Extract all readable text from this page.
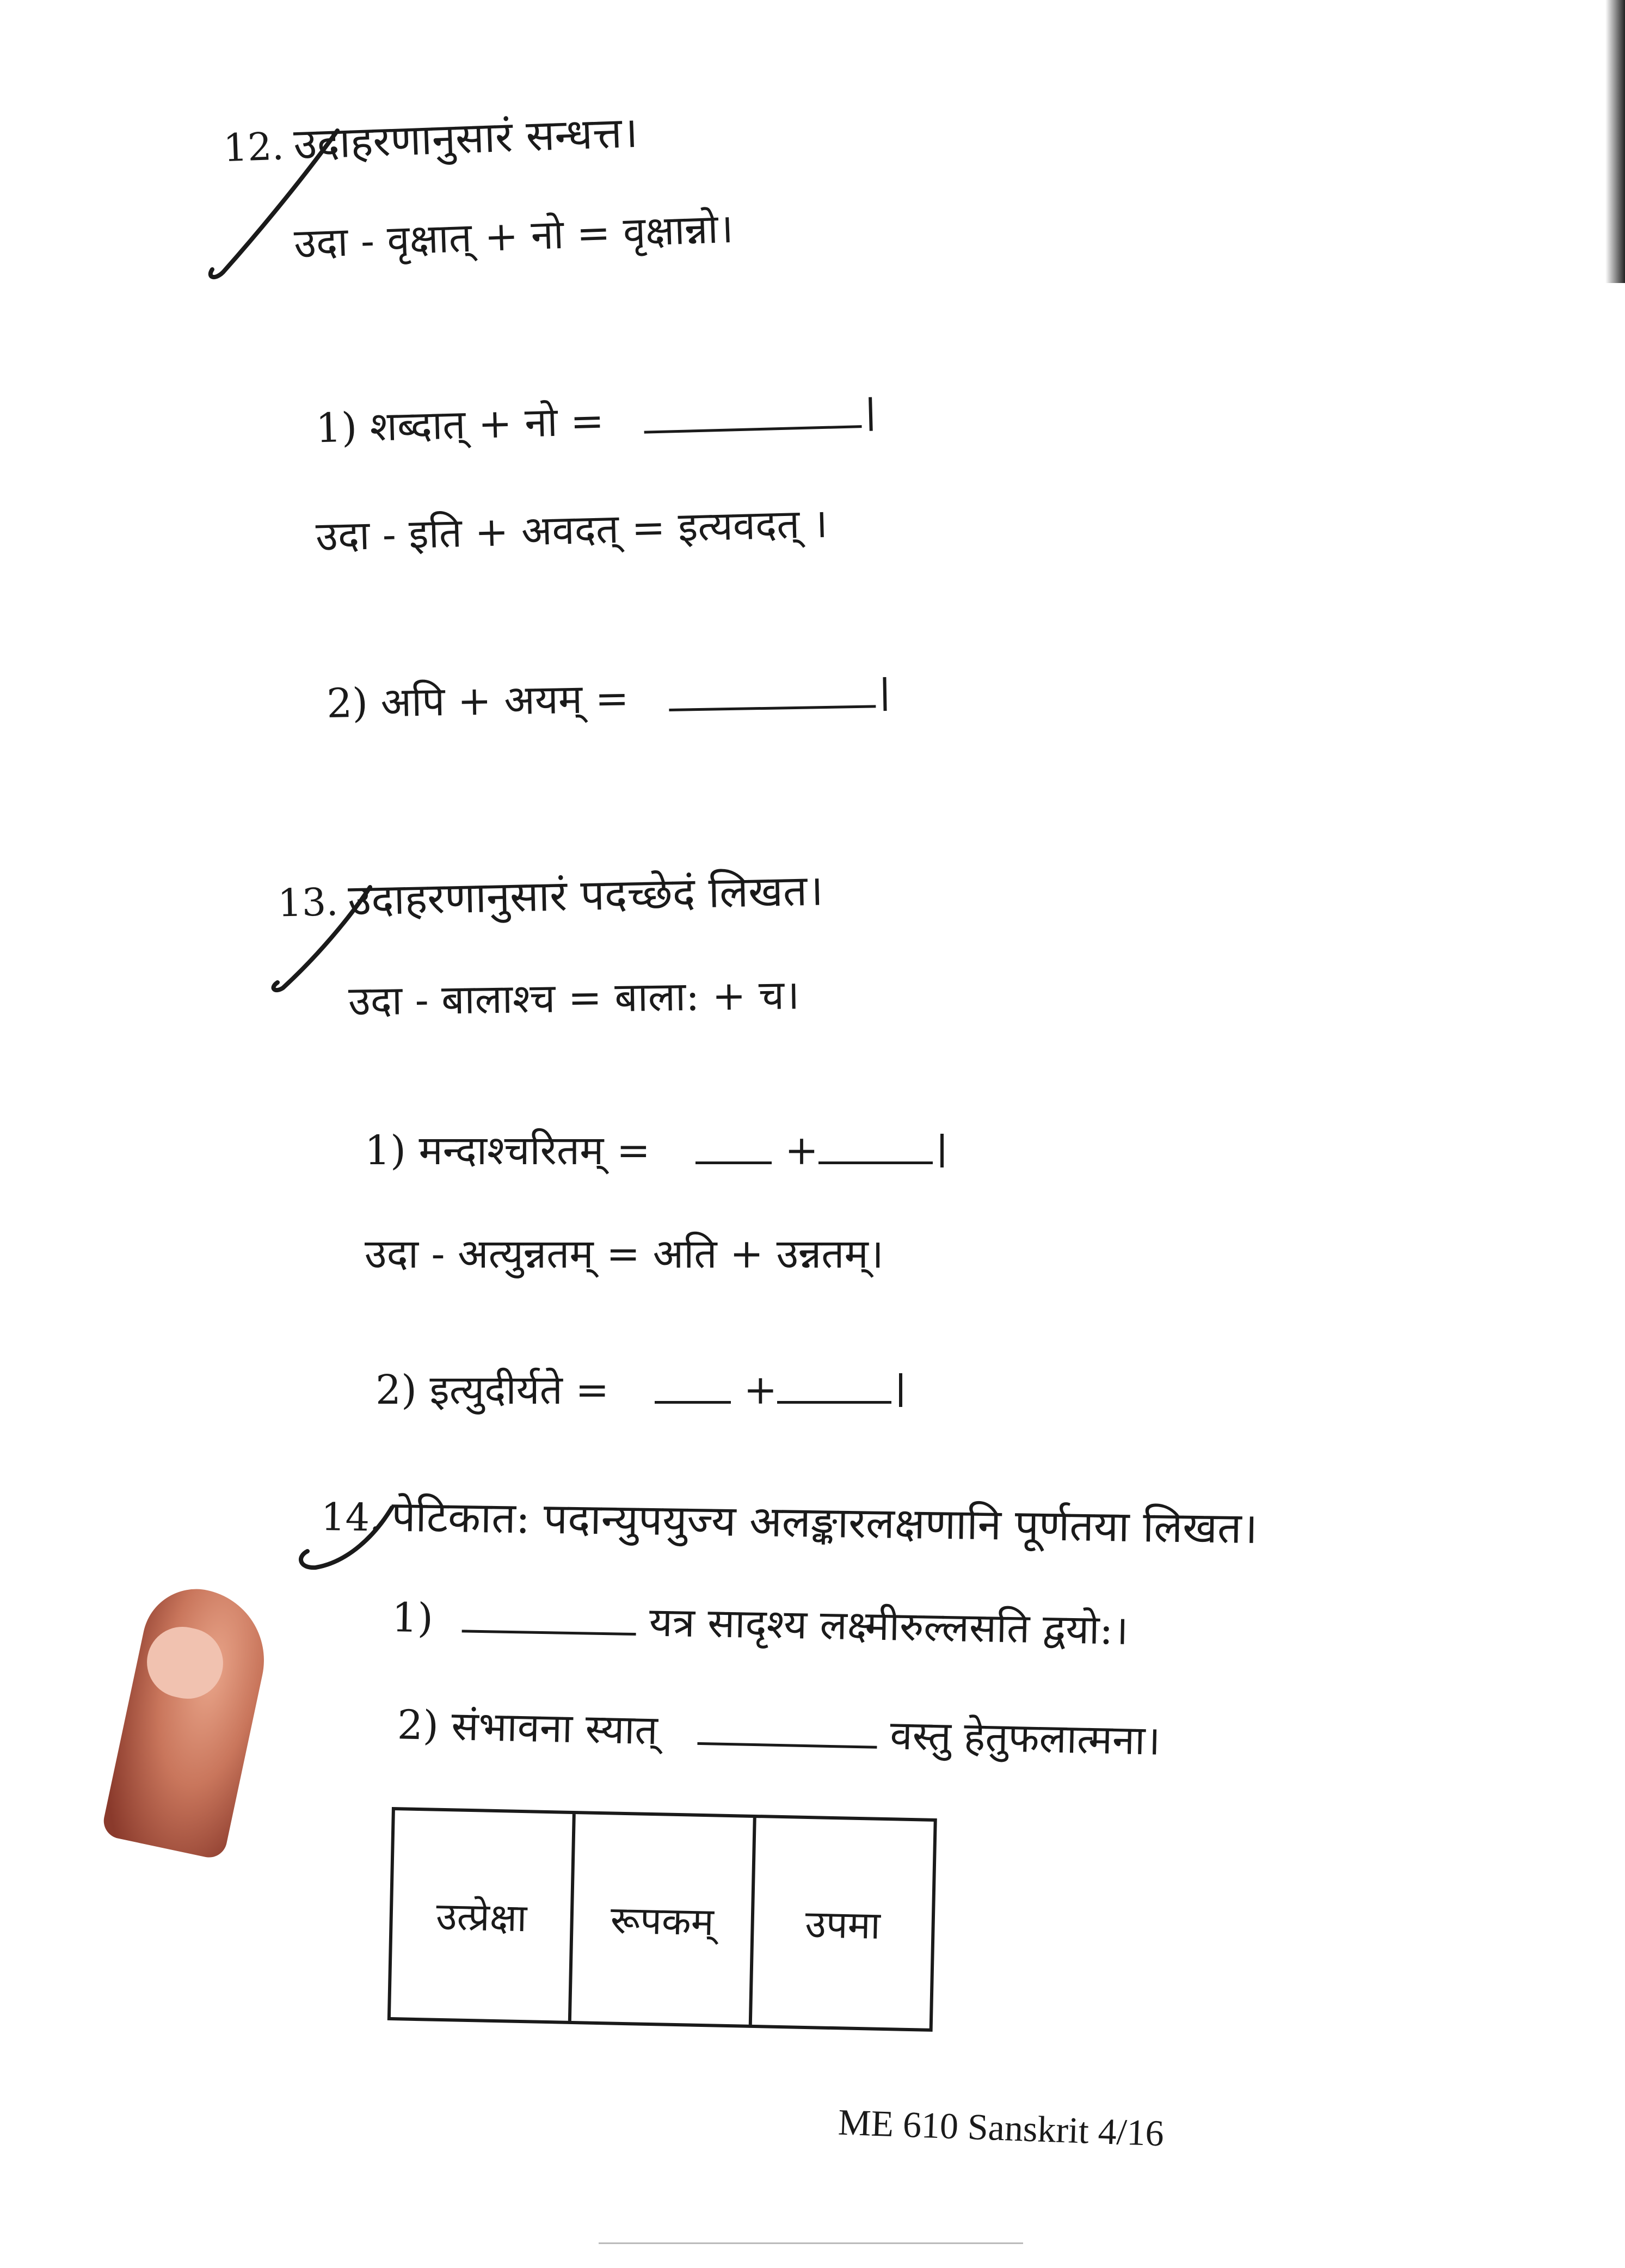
12. उदाहरणानुसारं सन्धत्त।
उदा - वृक्षात् + नो = वृक्षान्नो।
1) शब्दात् + नो =
उदा - इति + अवदत् = इत्यवदत् ।
2) अपि + अयम् =
13. उदाहरणानुसारं पदच्छेदं लिखत।
उदा - बालाश्च = बाला: + च।
1) मन्दाश्चरितम् =	+
उदा - अत्युन्नतम् = अति + उन्नतम्।
2) इत्युदीर्यते =	+
14. पेटिकात: पदान्युपयुज्य अलङ्कारलक्षणानि पूर्णतया लिखत।
1)	यत्र सादृश्य लक्ष्मीरुल्लसति द्वयो:।
2) संभावना स्यात्	वस्तु हेतुफलात्मना।
उत्प्रेक्षा	रूपकम्	उपमा
ME 610 Sanskrit 4/16
